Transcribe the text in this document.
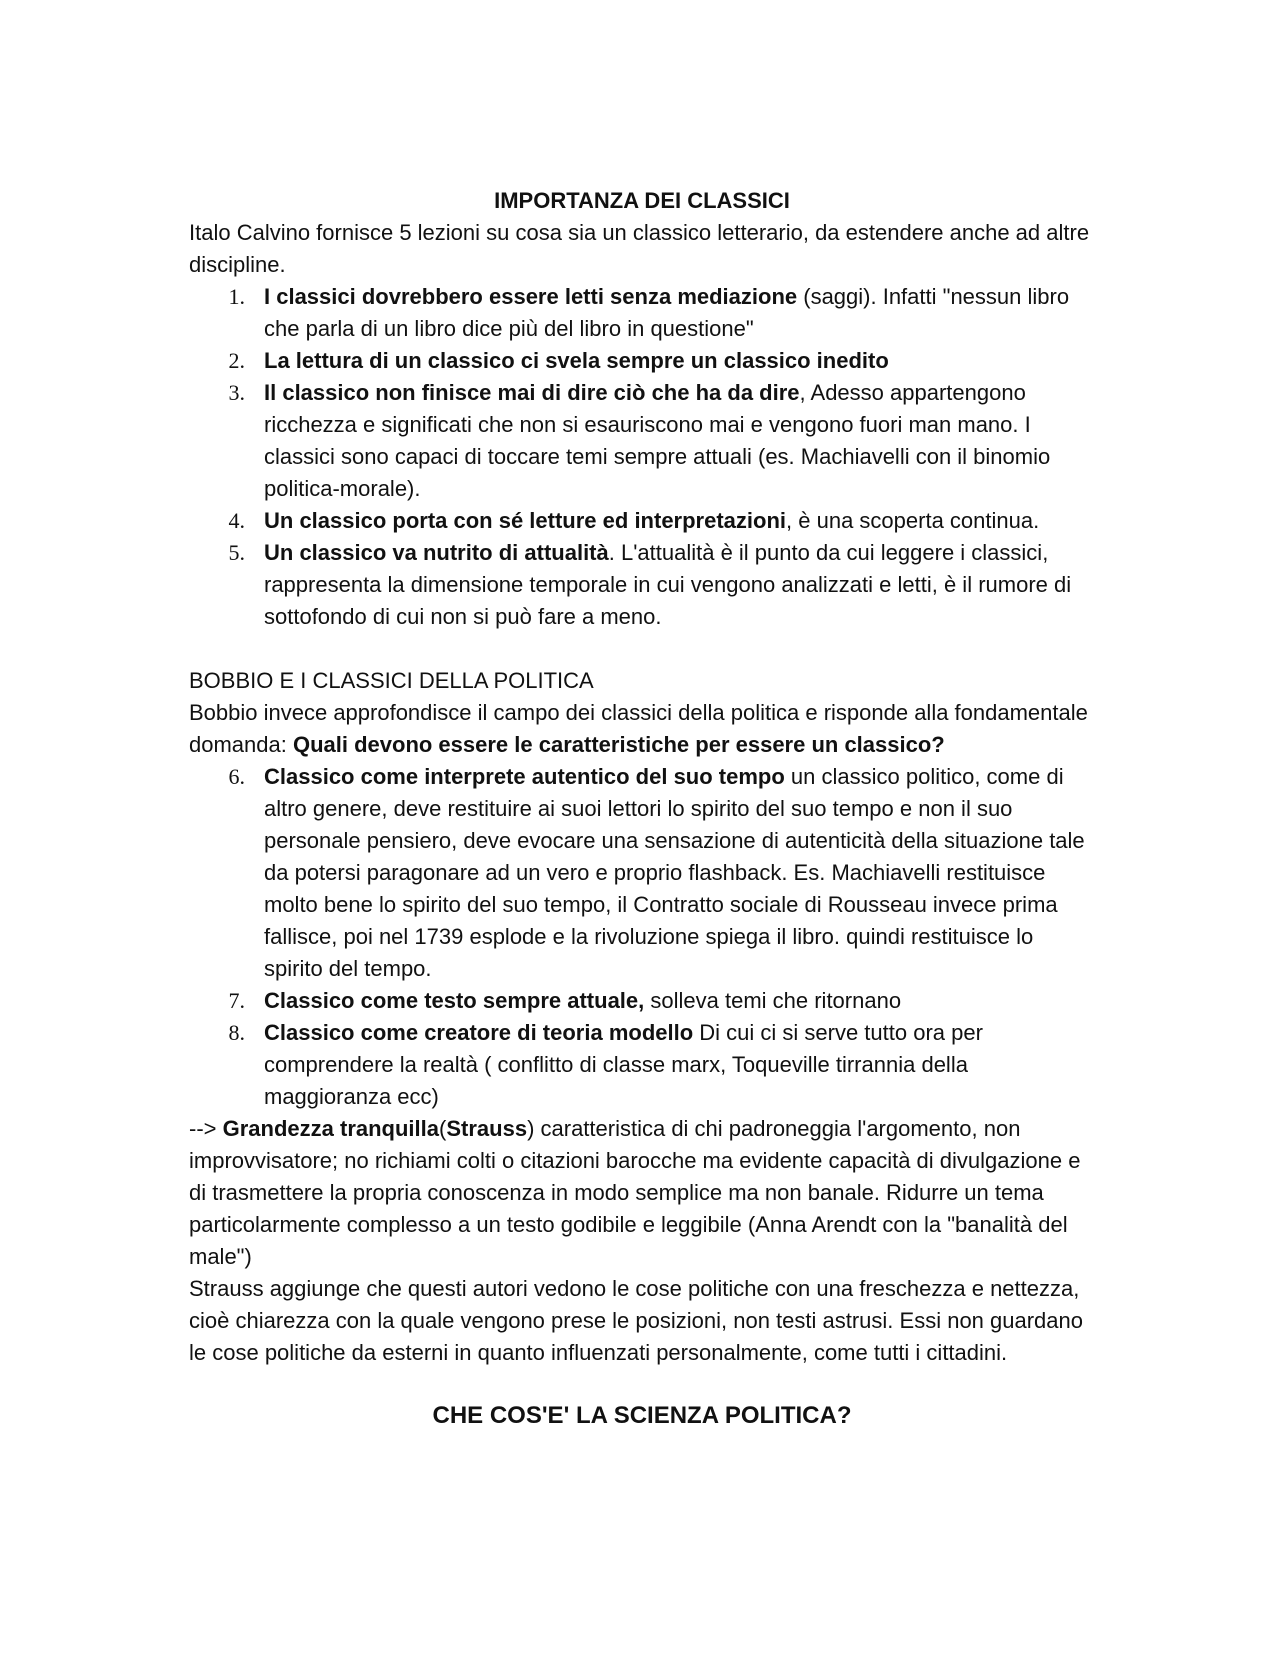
IMPORTANZA DEI CLASSICI

Italo Calvino fornisce 5 lezioni su cosa sia un classico letterario, da estendere anche ad altre discipline.

1. I classici dovrebbero essere letti senza mediazione (saggi). Infatti "nessun libro che parla di un libro dice più del libro in questione"
2. La lettura di un classico ci svela sempre un classico inedito
3. Il classico non finisce mai di dire ciò che ha da dire, Adesso appartengono ricchezza e significati che non si esauriscono mai e vengono fuori man mano. I classici sono capaci di toccare temi sempre attuali (es. Machiavelli con il binomio politica-morale).
4. Un classico porta con sé letture ed interpretazioni, è una scoperta continua.
5. Un classico va nutrito di attualità. L'attualità è il punto da cui leggere i classici, rappresenta la dimensione temporale in cui vengono analizzati e letti, è il rumore di sottofondo di cui non si può fare a meno.

BOBBIO E I CLASSICI DELLA POLITICA

Bobbio invece approfondisce il campo dei classici della politica e risponde alla fondamentale domanda: Quali devono essere le caratteristiche per essere un classico?

6. Classico come interprete autentico del suo tempo un classico politico, come di altro genere, deve restituire ai suoi lettori lo spirito del suo tempo e non il suo personale pensiero, deve evocare una sensazione di autenticità della situazione tale da potersi paragonare ad un vero e proprio flashback. Es. Machiavelli restituisce molto bene lo spirito del suo tempo, il Contratto sociale di Rousseau invece prima fallisce, poi nel 1739 esplode e la rivoluzione spiega il libro. quindi restituisce lo spirito del tempo.
7. Classico come testo sempre attuale, solleva temi che ritornano
8. Classico come creatore di teoria modello Di cui ci si serve tutto ora per comprendere la realtà ( conflitto di classe marx, Toqueville tirrannia della maggioranza ecc)

--> Grandezza tranquilla(Strauss) caratteristica di chi padroneggia l'argomento, non improvvisatore; no richiami colti o citazioni barocche ma evidente capacità di divulgazione e di trasmettere la propria conoscenza in modo semplice ma non banale. Ridurre un tema particolarmente complesso a un testo godibile e leggibile (Anna Arendt con la "banalità del male")

Strauss aggiunge che questi autori vedono le cose politiche con una freschezza e nettezza, cioè chiarezza con la quale vengono prese le posizioni, non testi astrusi. Essi non guardano le cose politiche da esterni in quanto influenzati personalmente, come tutti i cittadini.

CHE COS'E' LA SCIENZA POLITICA?
